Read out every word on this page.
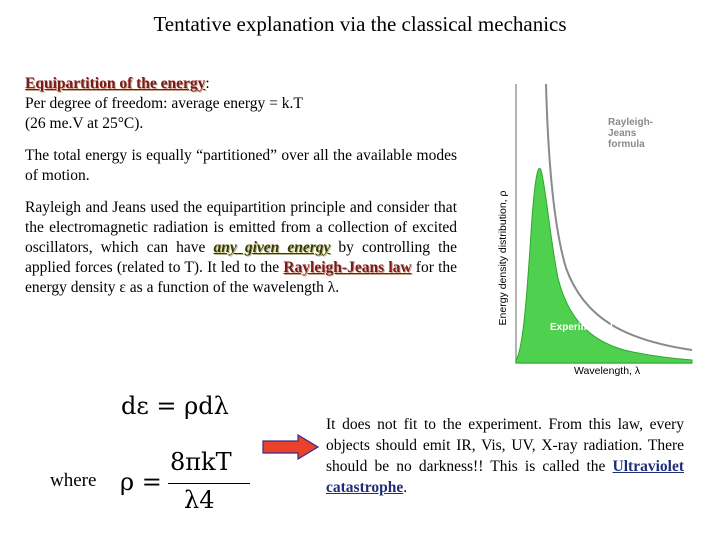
Tentative explanation via the classical mechanics

Equipartition of the energy:
Per degree of freedom: average energy = k.T
(26 me.V at 25°C).

The total energy is equally “partitioned” over all the available modes of motion.

Rayleigh and Jeans used the equipartition principle and consider that the electromagnetic radiation is emitted from a collection of excited oscillators, which can have any given energy by controlling the applied forces (related to T). It led to the Rayleigh-Jeans law for the energy density ε as a function of the wavelength λ.	Energy density distribution, ρ
Wavelength, λ
Rayleigh-
Jeans
formula
Experimental
dε = ρdλ
where ρ =
8πkT
λ4
It does not fit to the experiment. From this law, every objects should emit IR, Vis, UV, X-ray radiation. There should be no darkness!! This is called the Ultraviolet catastrophe.
